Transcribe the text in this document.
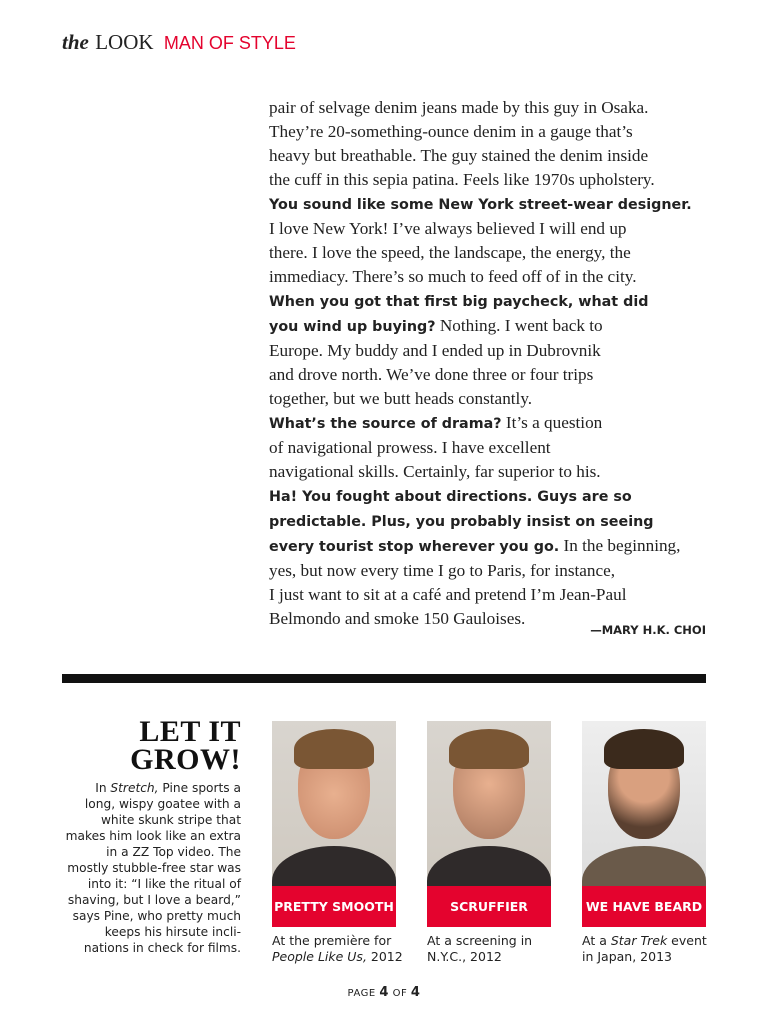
the LOOK MAN OF STYLE
pair of selvage denim jeans made by this guy in Osaka.
They’re 20-something-ounce denim in a gauge that’s
heavy but breathable. The guy stained the denim inside
the cuff in this sepia patina. Feels like 1970s upholstery.
You sound like some New York street-wear designer.
I love New York! I’ve always believed I will end up
there. I love the speed, the landscape, the energy, the
immediacy. There’s so much to feed off of in the city.
When you got that first big paycheck, what did
you wind up buying? Nothing. I went back to
Europe. My buddy and I ended up in Dubrovnik
and drove north. We’ve done three or four trips
together, but we butt heads constantly.
What’s the source of drama? It’s a question
of navigational prowess. I have excellent
navigational skills. Certainly, far superior to his.
Ha! You fought about directions. Guys are so
predictable. Plus, you probably insist on seeing
every tourist stop wherever you go. In the beginning,
yes, but now every time I go to Paris, for instance,
I just want to sit at a café and pretend I’m Jean-Paul
Belmondo and smoke 150 Gauloises.
—MARY H.K. CHOI
LET IT
GROW!

In Stretch, Pine sports a long, wispy goatee with a white skunk stripe that makes him look like an extra in a ZZ Top video. The mostly stubble-free star was into it: “I like the ritual of shaving, but I love a beard,” says Pine, who pretty much keeps his hirsute incli-nations in check for films.

PRETTY SMOOTH
At the première for
People Like Us, 2012
SCRUFFIER
At a screening in
N.Y.C., 2012
WE HAVE BEARD
At a Star Trek event
in Japan, 2013
PAGE 4 OF 4
